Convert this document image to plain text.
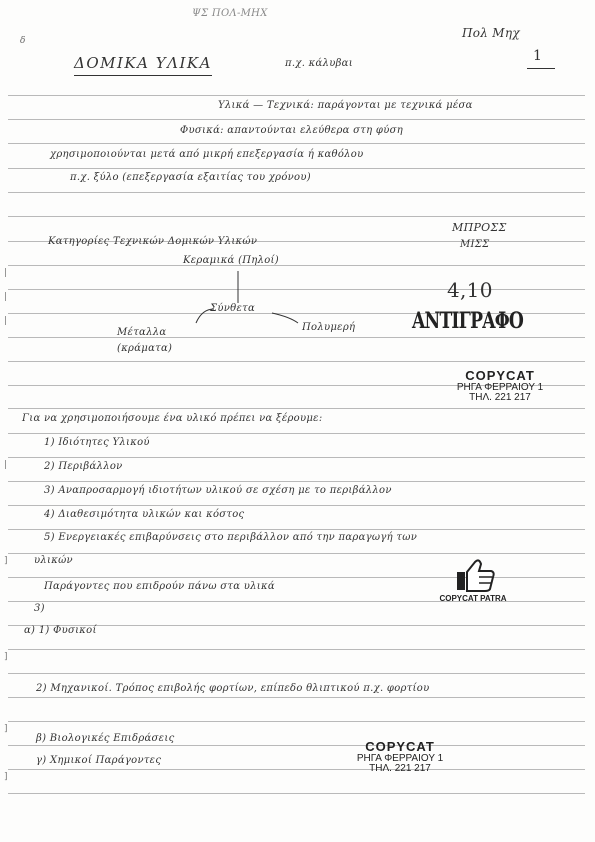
|
|
|
|
]
]
]
]
ΨΣ ΠΟΛ-ΜΗΧ
Πολ Μηχ
δ
1
ΔΟΜΙΚΑ ΥΛΙΚΑ	π.χ. κάλυβαι
Υλικά — Τεχνικά: παράγονται με τεχνικά μέσα
Φυσικά: απαντούνται ελεύθερα στη φύση
χρησιμοποιούνται μετά από μικρή επεξεργασία ή καθόλου
π.χ. ξύλο (επεξεργασία εξαιτίας του χρόνου)
ΜΠΡΟΣΣ
ΜΙΣΣ
Κατηγορίες Τεχνικών Δομικών Υλικών
Κεραμικά (Πηλοί)
Σύνθετα
Μέταλλα
(κράματα)
Πολυμερή
4,10
ΑΝΤΙΓΡΑΦΟ
COPYCAT
ΡΗΓΑ ΦΕΡΡΑΙΟΥ 1
ΤΗΛ. 221 217
Για να χρησιμοποιήσουμε ένα υλικό πρέπει να ξέρουμε:
1) Ιδιότητες Υλικού
2) Περιβάλλον
3) Αναπροσαρμογή ιδιοτήτων υλικού σε σχέση με το περιβάλλον
4) Διαθεσιμότητα υλικών και κόστος
5) Ενεργειακές επιβαρύνσεις στο περιβάλλον από την παραγωγή των
υλικών
Παράγοντες που επιδρούν πάνω στα υλικά
3)
α) 1) Φυσικοί
2) Μηχανικοί. Τρόπος επιβολής φορτίων, επίπεδο θλιπτικού π.χ. φορτίου
β) Βιολογικές Επιδράσεις
γ) Χημικοί Παράγοντες
COPYCAT PATRA
COPYCAT
ΡΗΓΑ ΦΕΡΡΑΙΟΥ 1
ΤΗΛ. 221 217
